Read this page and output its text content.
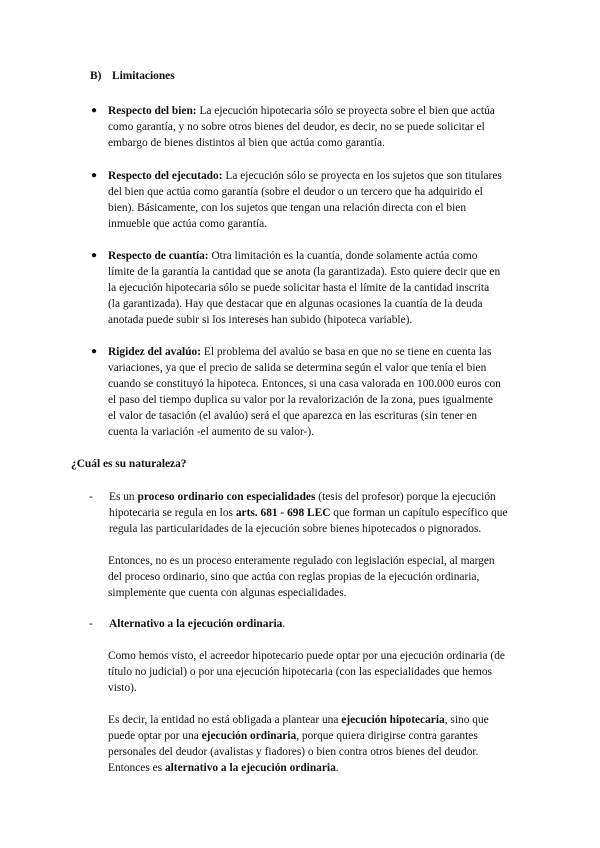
B) Limitaciones
● Respecto del bien: La ejecución hipotecaria sólo se proyecta sobre el bien que actúa como garantía, y no sobre otros bienes del deudor, es decir, no se puede solicitar el embargo de bienes distintos al bien que actúa como garantía.
● Respecto del ejecutado: La ejecución sólo se proyecta en los sujetos que son titulares del bien que actúa como garantía (sobre el deudor o un tercero que ha adquirido el bien). Básicamente, con los sujetos que tengan una relación directa con el bien inmueble que actúa como garantía.
● Respecto de cuantía: Otra limitación es la cuantía, donde solamente actúa como límite de la garantía la cantidad que se anota (la garantizada). Esto quiere decir que en la ejecución hipotecaria sólo se puede solicitar hasta el límite de la cantidad inscrita (la garantizada). Hay que destacar que en algunas ocasiones la cuantía de la deuda anotada puede subir si los intereses han subido (hipoteca variable).
● Rigidez del avalúo: El problema del avalúo se basa en que no se tiene en cuenta las variaciones, ya que el precio de salida se determina según el valor que tenía el bien cuando se constituyó la hipoteca. Entonces, si una casa valorada en 100.000 euros con el paso del tiempo duplica su valor por la revalorización de la zona, pues igualmente el valor de tasación (el avalúo) será el que aparezca en las escrituras (sin tener en cuenta la variación -el aumento de su valor-).
¿Cuál es su naturaleza?
- Es un proceso ordinario con especialidades (tesis del profesor) porque la ejecución hipotecaria se regula en los arts. 681 - 698 LEC que forman un capítulo específico que regula las particularidades de la ejecución sobre bienes hipotecados o pignorados.
Entonces, no es un proceso enteramente regulado con legislación especial, al margen del proceso ordinario, sino que actúa con reglas propias de la ejecución ordinaria, simplemente que cuenta con algunas especialidades.
- Alternativo a la ejecución ordinaria.
Como hemos visto, el acreedor hipotecario puede optar por una ejecución ordinaria (de título no judicial) o por una ejecución hipotecaria (con las especialidades que hemos visto).
Es decir, la entidad no está obligada a plantear una ejecución hipotecaria, sino que puede optar por una ejecución ordinaria, porque quiera dirigirse contra garantes personales del deudor (avalistas y fiadores) o bien contra otros bienes del deudor. Entonces es alternativo a la ejecución ordinaria.
